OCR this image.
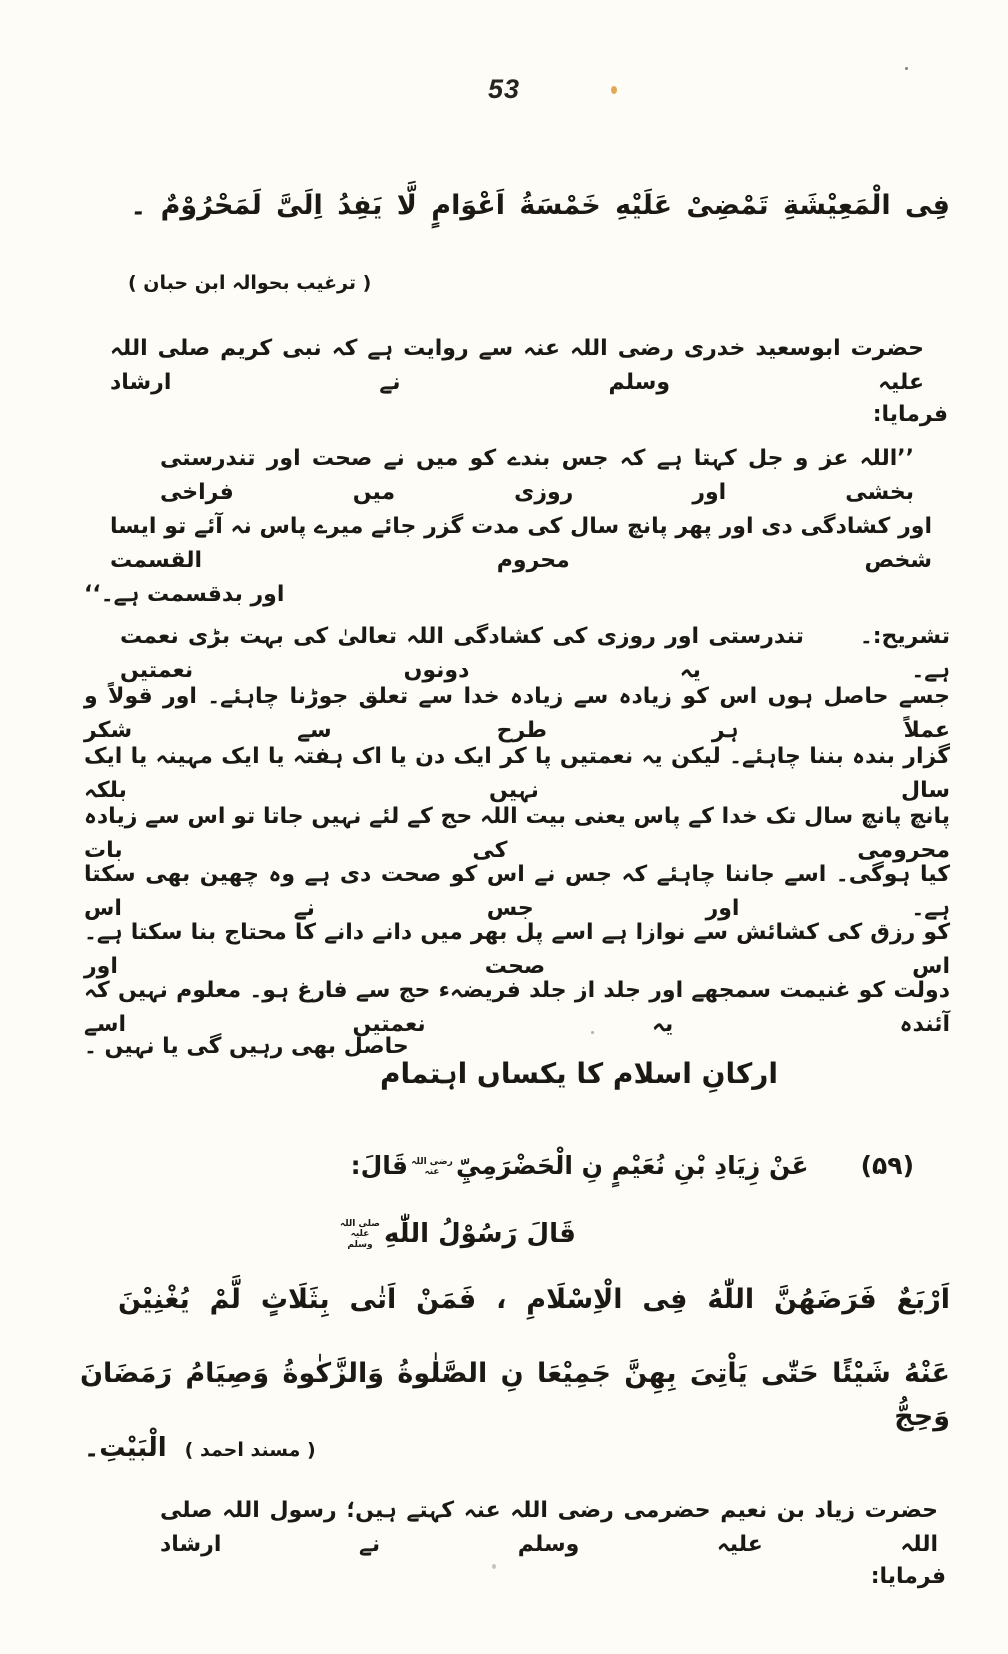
53
فِى الْمَعِيْشَةِ تَمْضِىْ عَلَيْهِ خَمْسَةُ اَعْوَامٍ لَّا يَفِدُ اِلَىَّ لَمَحْرُوْمٌ ۔
( ترغیب بحوالہ ابن حبان )
حضرت ابوسعید خدری رضی اللہ عنہ سے روایت ہے کہ نبی کریم صلی اللہ علیہ وسلم نے ارشاد
فرمایا:
’’اللہ عز و جل کہتا ہے کہ جس بندے کو میں نے صحت اور تندرستی بخشی اور روزی میں فراخی
اور کشادگی دی اور پھر پانچ سال کی مدت گزر جائے میرے پاس نہ آئے تو ایسا شخص محروم القسمت
اور بدقسمت ہے۔‘‘
تشریح:۔تندرستی اور روزی کی کشادگی اللہ تعالیٰ کی بہت بڑی نعمت ہے۔ یہ دونوں نعمتیں
جسے حاصل ہوں اس کو زیادہ سے زیادہ خدا سے تعلق جوڑنا چاہئے۔ اور قولاً و عملاً ہر طرح سے شکر
گزار بندہ بننا چاہئے۔ لیکن یہ نعمتیں پا کر ایک دن یا اک ہفتہ یا ایک مہینہ یا ایک سال نہیں بلکہ
پانچ پانچ سال تک خدا کے پاس یعنی بیت اللہ حج کے لئے نہیں جاتا تو اس سے زیادہ محرومی کی بات
کیا ہوگی۔ اسے جاننا چاہئے کہ جس نے اس کو صحت دی ہے وہ چھین بھی سکتا ہے۔ اور جس نے اس
کو رزق کی کشائش سے نوازا ہے اسے پل بھر میں دانے دانے کا محتاج بنا سکتا ہے۔ اس صحت اور
دولت کو غنیمت سمجھے اور جلد از جلد فریضہء حج سے فارغ ہو۔ معلوم نہیں کہ آئندہ یہ نعمتیں اسے
حاصل بھی رہیں گی یا نہیں ۔
ارکانِ اسلام کا یکساں اہتمام
(۵۹)
عَنْ زِيَادِ بْنِ نُعَيْمٍ نِ الْحَضْرَمِيِّرضی اللہ عنہقَالَ:
قَالَ رَسُوْلُ اللّٰهِصلی اللہ علیہ وسلم
اَرْبَعٌ فَرَضَهُنَّ اللّٰهُ فِى الْاِسْلَامِ ، فَمَنْ اَتٰى بِثَلَاثٍ لَّمْ يُغْنِيْنَ
عَنْهُ شَيْئًا حَتّٰى يَاْتِىَ بِهِنَّ جَمِيْعَا نِ الصَّلٰوةُ وَالزَّكٰوةُ وَصِيَامُ رَمَضَانَ وَحِجُّ
الْبَيْتِ۔ ( مسند احمد )
حضرت زیاد بن نعیم حضرمی رضی اللہ عنہ کہتے ہیں؛ رسول اللہ صلی اللہ علیہ وسلم نے ارشاد
فرمایا:
